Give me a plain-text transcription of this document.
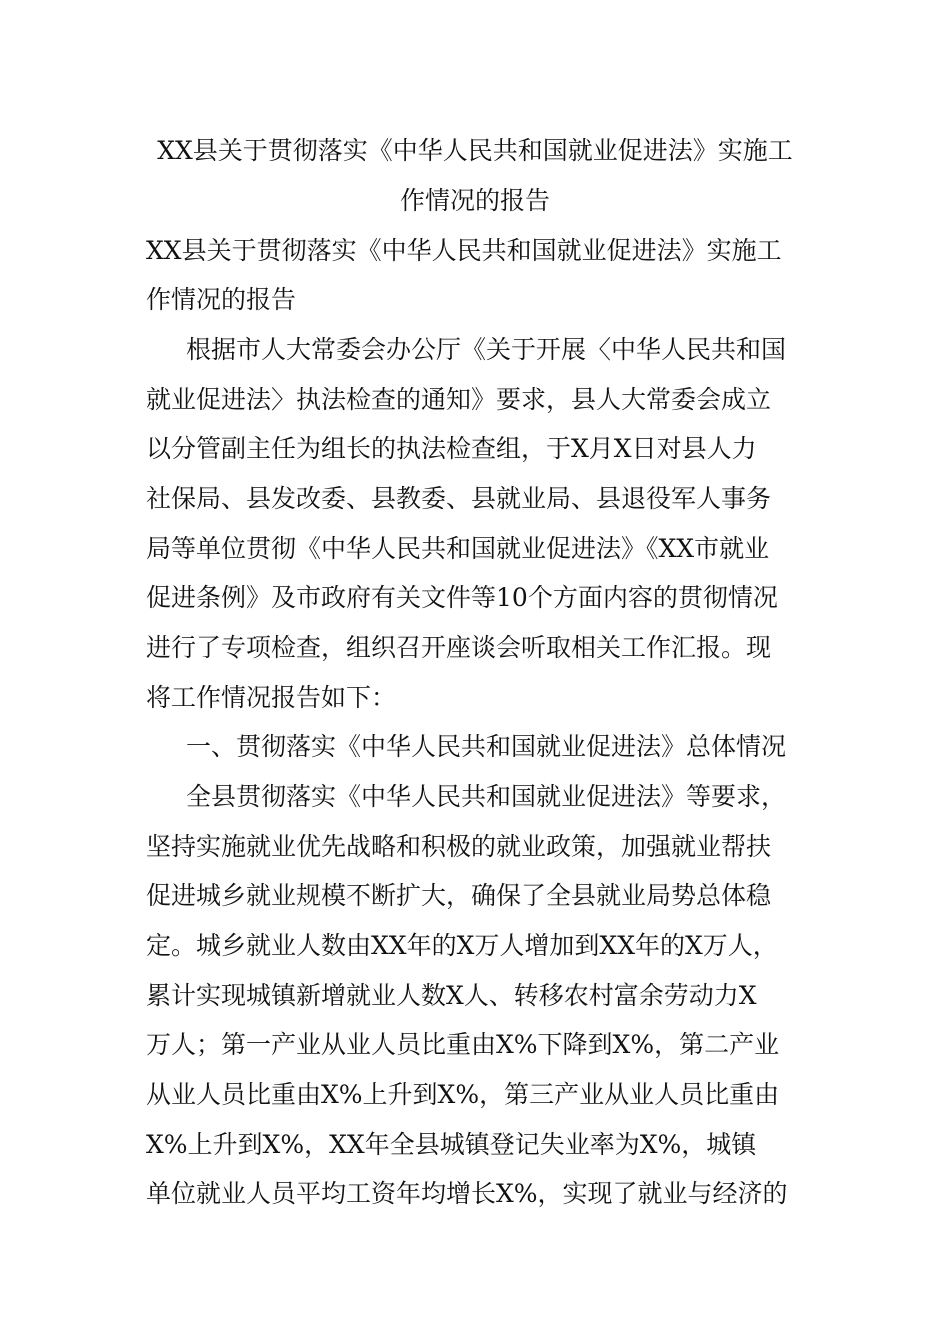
XX县关于贯彻落实《中华人民共和国就业促进法》实施工
作情况的报告

XX县关于贯彻落实《中华人民共和国就业促进法》实施工

作情况的报告

根据市人大常委会办公厅《关于开展〈中华人民共和国

就业促进法〉执法检查的通知》要求，县人大常委会成立

以分管副主任为组长的执法检查组，于X月X日对县人力

社保局、县发改委、县教委、县就业局、县退役军人事务

局等单位贯彻《中华人民共和国就业促进法》《XX市就业

促进条例》及市政府有关文件等10个方面内容的贯彻情况

进行了专项检查，组织召开座谈会听取相关工作汇报。现

将工作情况报告如下：

一、贯彻落实《中华人民共和国就业促进法》总体情况

全县贯彻落实《中华人民共和国就业促进法》等要求，

坚持实施就业优先战略和积极的就业政策，加强就业帮扶

促进城乡就业规模不断扩大，确保了全县就业局势总体稳

定。城乡就业人数由XX年的X万人增加到XX年的X万人，

累计实现城镇新增就业人数X人、转移农村富余劳动力X

万人；第一产业从业人员比重由X%下降到X%，第二产业

从业人员比重由X%上升到X%，第三产业从业人员比重由

X%上升到X%，XX年全县城镇登记失业率为X%，城镇

单位就业人员平均工资年均增长X%，实现了就业与经济的
